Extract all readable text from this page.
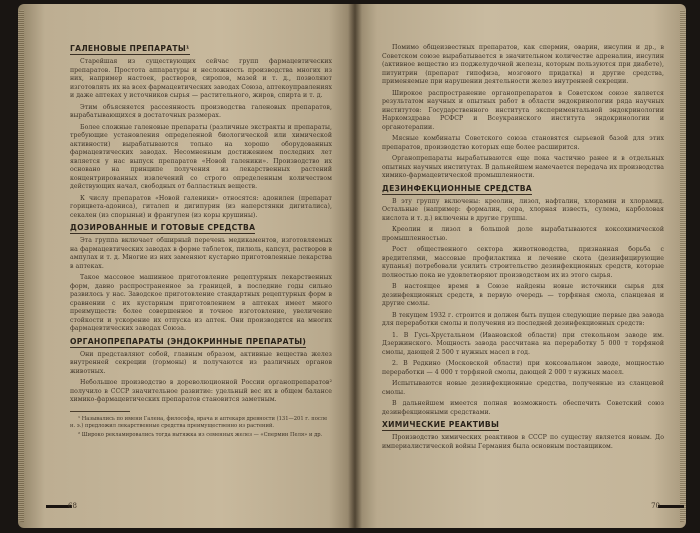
ГАЛЕНОВЫЕ ПРЕПАРАТЫ¹
Старейшая из существующих сейчас групп фармацевтических препаратов. Простота аппаратуры и несложность производства многих из них, например настоек, растворов, сиропов, мазей и т. д., позволяют изготовлять их на всех фармацевтических заводах Союза, аптекоуправлениях и даже аптеках у источников сырья — растительного, жиров, спирта и т. д.
Этим объясняется рассеянность производства галеновых препаратов, вырабатывающихся в достаточных размерах.
Более сложные галеновые препараты (различные экстракты и препараты, требующие установления определенной биологической или химической активности) вырабатываются только на хорошо оборудованных фармацевтических заводах. Несомненным достижением последних лет является у нас выпуск препаратов «Новой галеники». Производство их основано на принципе получения из лекарственных растений концентрированных извлечений со строго определенным количеством действующих начал, свободных от балластных веществ.
К числу препаратов «Новой галеники» относятся: адонилен (препарат горицвета-адониса), гиталеп и дигипурин (из наперстянки дигиталиса), секален (из спорыньи) и франгулен (из коры крушины).
ДОЗИРОВАННЫЕ И ГОТОВЫЕ СРЕДСТВА
Эта группа включает обширный перечень медикаментов, изготовляемых на фармацевтических заводах в форме таблеток, пилюль, капсул, растворов в ампулах и т. д. Многие из них заменяют кустарно приготовленные лекарства в аптеках.
Такое массовое машинное приготовление рецептурных лекарственных форм, давно распространенное за границей, в последние годы сильно развилось у нас. Заводское приготовление стандартных рецептурных форм в сравнении с их кустарным приготовлением в аптеках имеет много преимуществ: более совершенное и точное изготовление, увеличение стойкости и ускорение их отпуска из аптек. Они производятся на многих фармацевтических заводах Союза.
ОРГАНОПРЕПАРАТЫ (ЭНДОКРИННЫЕ ПРЕПАРАТЫ)
Они представляют собой, главным образом, активные вещества желез внутренней секреции (гормоны) и получаются из различных органов животных.
Небольшое производство в дореволюционной России органопрепаратов² получило в СССР значительное развитие: удельный вес их в общем балансе химико-фармацевтических препаратов становится заметным.
¹ Назывались по имени Галена, философа, врача и аптекаря древности (131—201 г. после н. э.) предложил лекарственные средства преимущественно из растений.
² Широко рекламировались тогда вытяжка из семенных желез — «Спермин Пеля» и др.
68
Помимо общеизвестных препаратов, как спермин, оварин, инсулин и др., в Советском союзе вырабатывается в значительном количестве адреналин, инсулин (активное вещество из поджелудочной железы, которым пользуются при диабете), питуитрин (препарат гипофиза, мозгового придатка) и другие средства, применяемые при нарушении деятельности желез внутренней секреции.
Широкое распространение органопрепаратов в Советском союзе является результатом научных и опытных работ в области эндокринологии ряда научных институтов: Государственного института экспериментальной эндокринологии Наркомздрава РСФСР и Всеукраинского института эндокринологии и органотерапии.
Мясные комбинаты Советского союза становятся сырьевой базой для этих препаратов, производство которых еще более расширится.
Органопрепараты вырабатываются еще пока частично ранее и в отдельных опытных научных институтах. В дальнейшем намечается передача их производства химико-фармацевтической промышленности.
ДЕЗИНФЕКЦИОННЫЕ СРЕДСТВА
В эту группу включены: креолин, лизол, нафталин, хлорамин и хлорамид. Остальные (например: формалин, сера, хлорная известь, сулема, карболовая кислота и т. д.) включены в другие группы.
Креолин и лизол в большой доле вырабатываются коксохимической промышленностью.
Рост общественного сектора животноводства, признанная борьба с вредителями, массовые профилактика и лечение скота (дезинфицирующие купанья) потребовали усилить строительство дезинфекционных средств, которые полностью пока не удовлетворяют производством их из этого сырья.
В настоящее время в Союзе найдены новые источники сырья для дезинфекционных средств, в первую очередь — торфяная смола, сланцевая и другие смолы.
В текущем 1932 г. строится и должен быть пущен следующие первые два завода для переработки смолы и получения из последней дезинфекционных средств:
1. В Гусь-Хрустальном (Ивановской области) при стекольном заводе им. Дзержинского. Мощность завода рассчитана на переработку 5 000 т торфяной смолы, дающей 2 500 т нужных масел в год.
2. В Редкино (Московской области) при коксовальном заводе, мощностью переработки — 4 000 т торфяной смолы, дающей 2 000 т нужных масел.
Испытываются новые дезинфекционные средства, полученные из сланцевой смолы.
В дальнейшем имеется полная возможность обеспечить Советский союз дезинфекционными средствами.
ХИМИЧЕСКИЕ РЕАКТИВЫ
Производство химических реактивов в СССР по существу является новым. До империалистической войны Германия была основным поставщиком.
70
